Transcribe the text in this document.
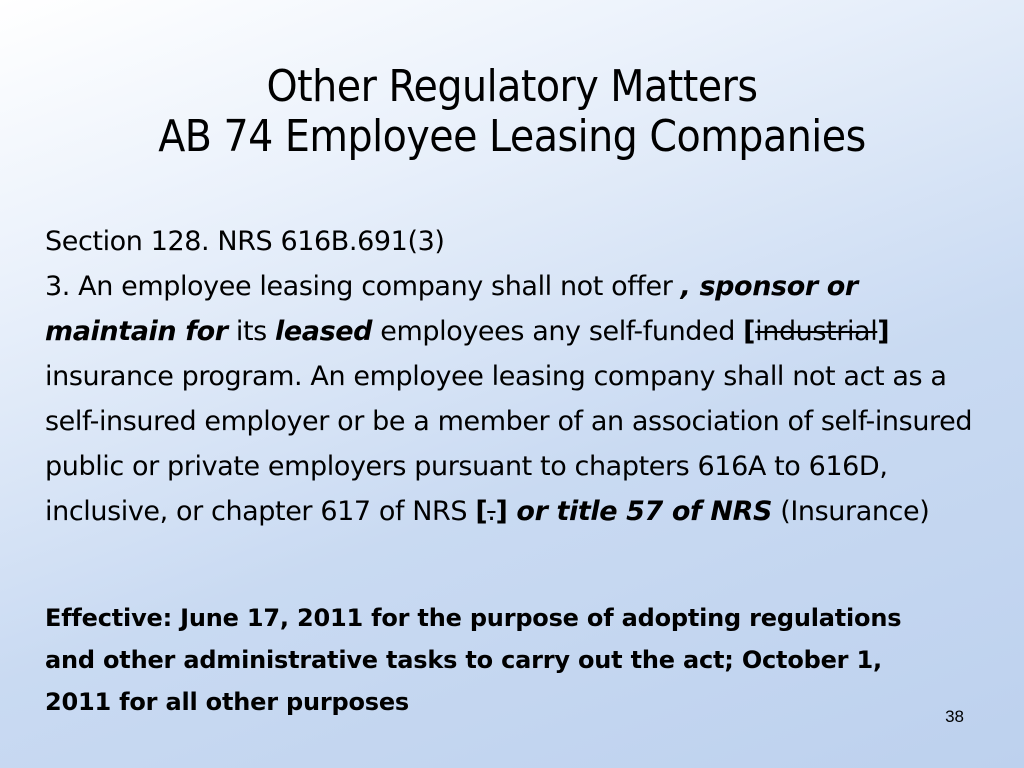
Other Regulatory Matters
AB 74 Employee Leasing Companies

Section 128. NRS 616B.691(3)

3. An employee leasing company shall not offer , sponsor or maintain for its leased employees any self-funded [industrial] insurance program. An employee leasing company shall not act as a self-insured employer or be a member of an association of self-insured public or private employers pursuant to chapters 616A to 616D, inclusive, or chapter 617 of NRS [.] or title 57 of NRS (Insurance)

Effective: June 17, 2011 for the purpose of adopting regulations and other administrative tasks to carry out the act; October 1, 2011 for all other purposes
38
